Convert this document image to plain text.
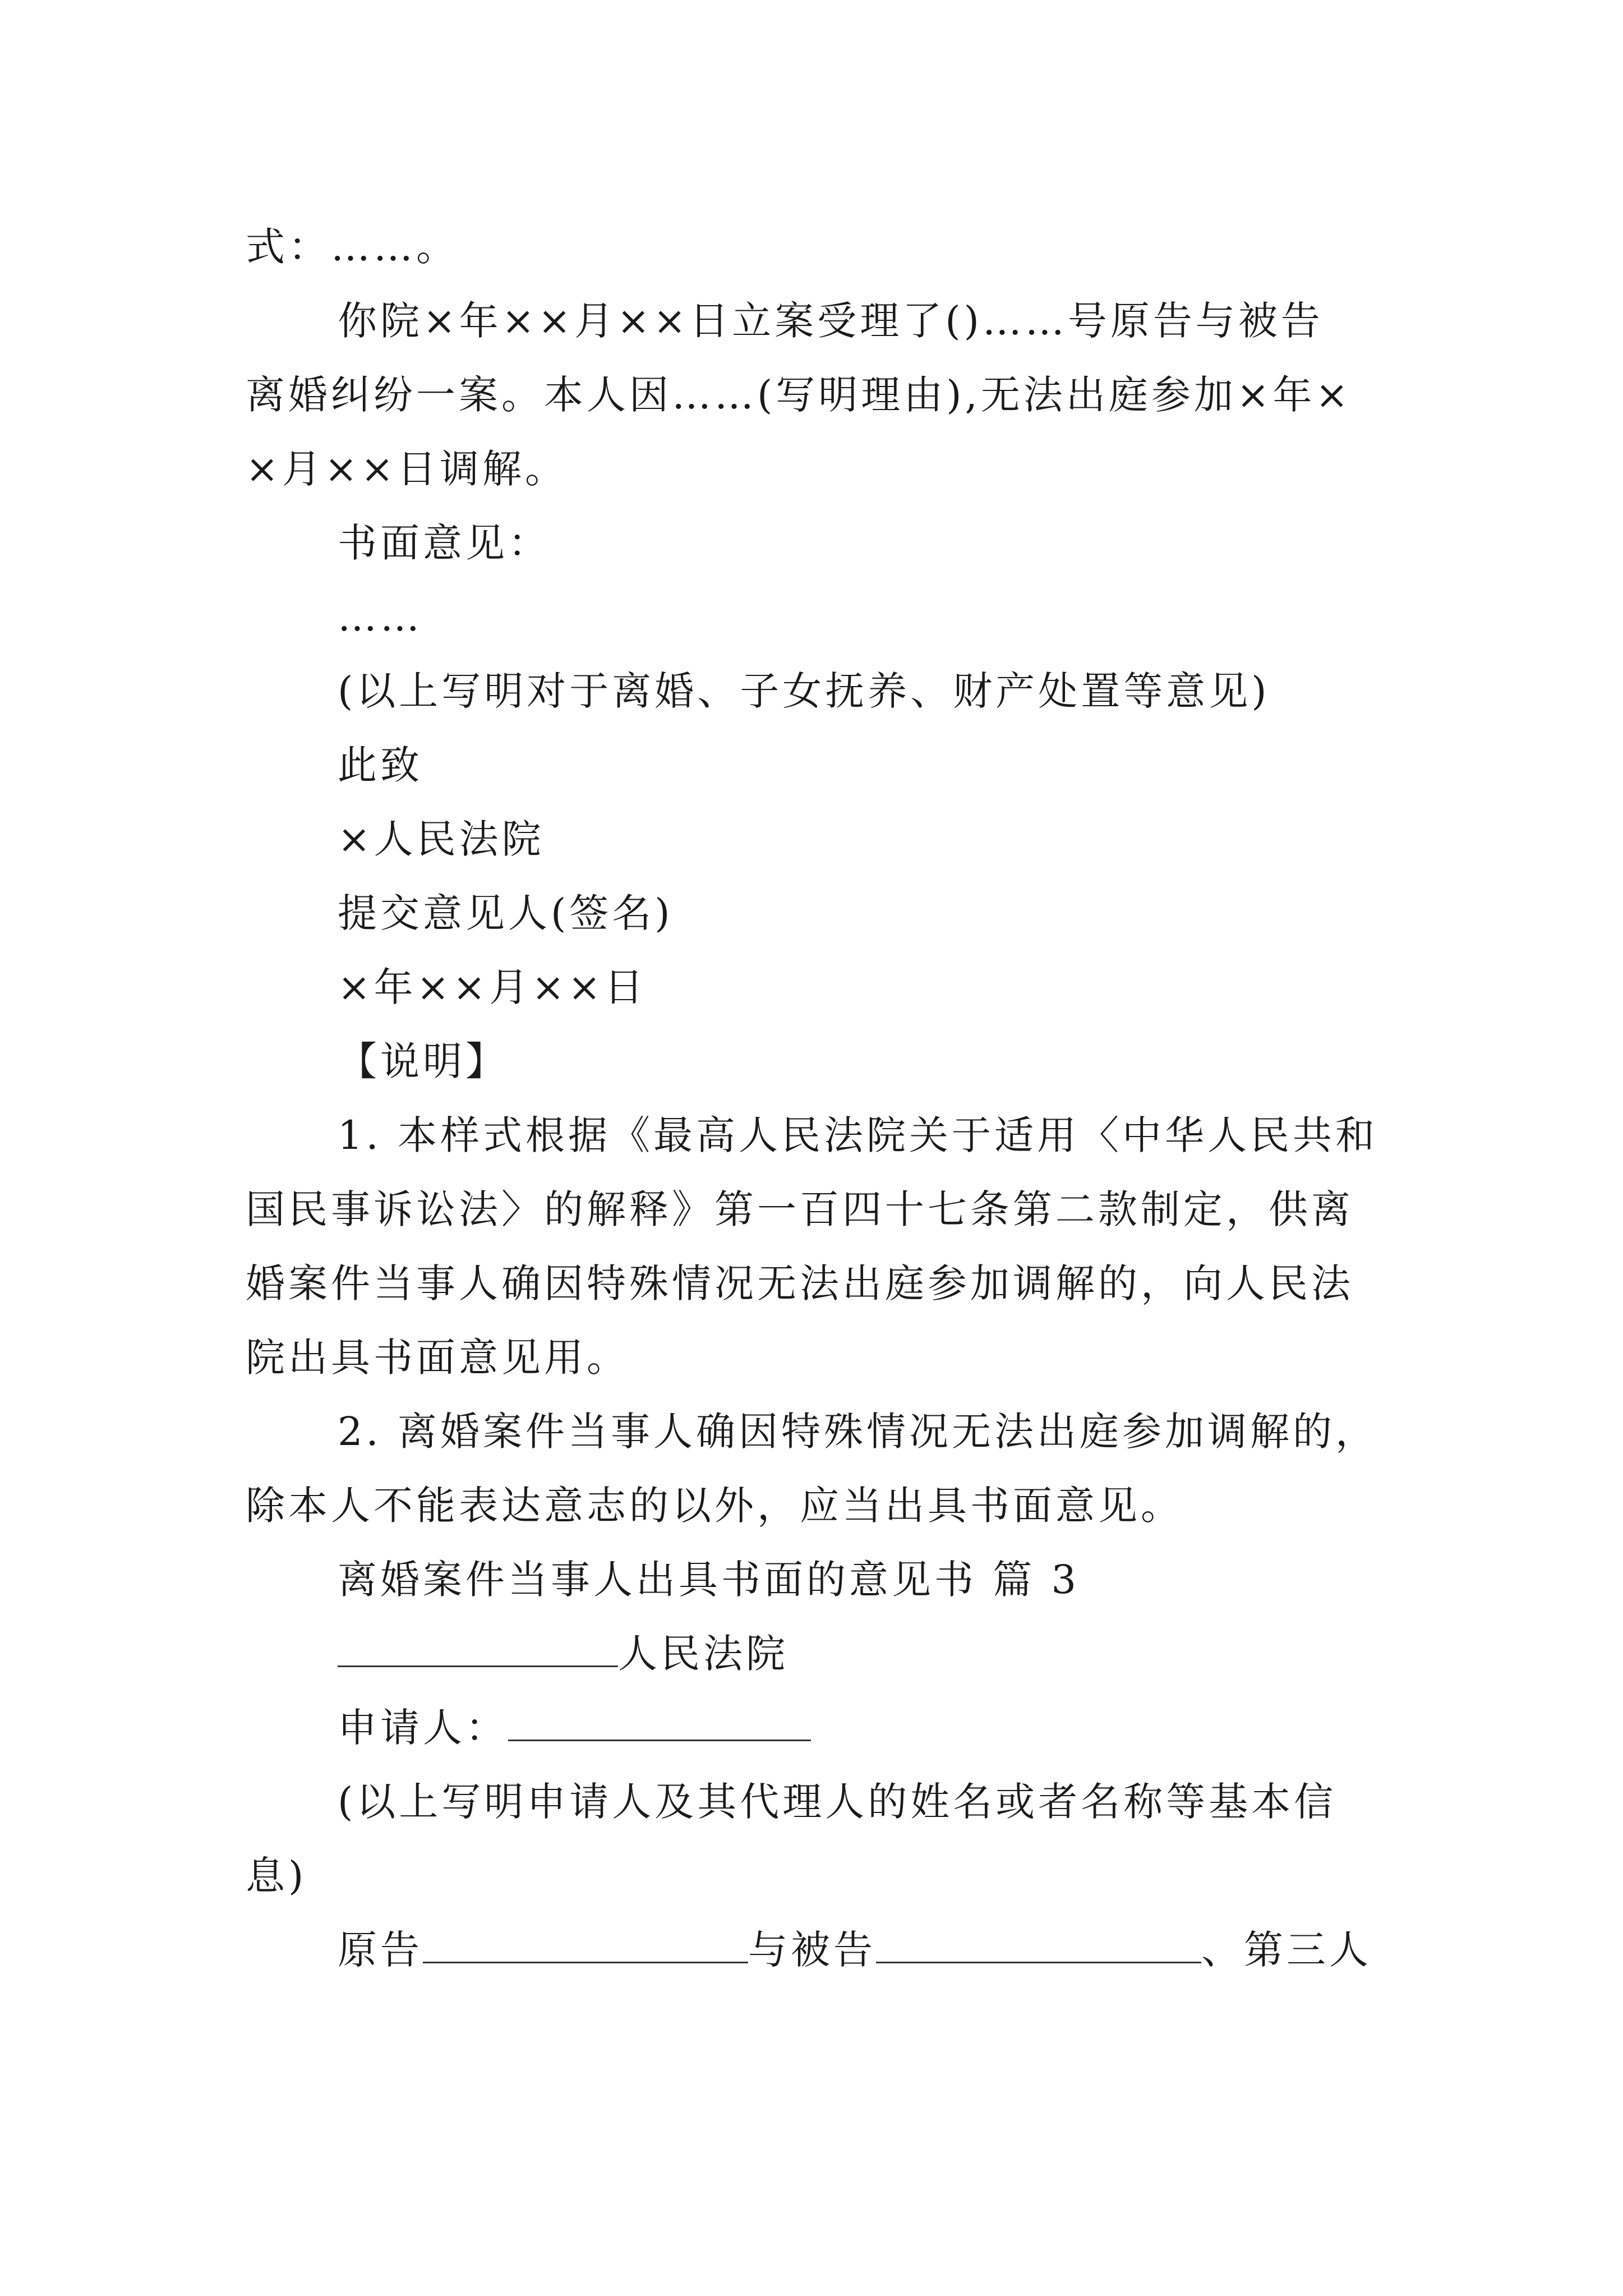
式：……。
你院×年××月××日立案受理了()……号原告与被告
离婚纠纷一案。本人因……(写明理由),无法出庭参加×年×
×月××日调解。
书面意见：
……
(以上写明对于离婚、子女抚养、财产处置等意见)
此致
×人民法院
提交意见人(签名)
×年××月××日
【说明】
1. 本样式根据《最高人民法院关于适用〈中华人民共和
国民事诉讼法〉的解释》第一百四十七条第二款制定，供离
婚案件当事人确因特殊情况无法出庭参加调解的，向人民法
院出具书面意见用。
2. 离婚案件当事人确因特殊情况无法出庭参加调解的，
除本人不能表达意志的以外，应当出具书面意见。
离婚案件当事人出具书面的意见书 篇 3
人民法院
申请人：
(以上写明申请人及其代理人的姓名或者名称等基本信
息)
原告	与被告	、第三人
